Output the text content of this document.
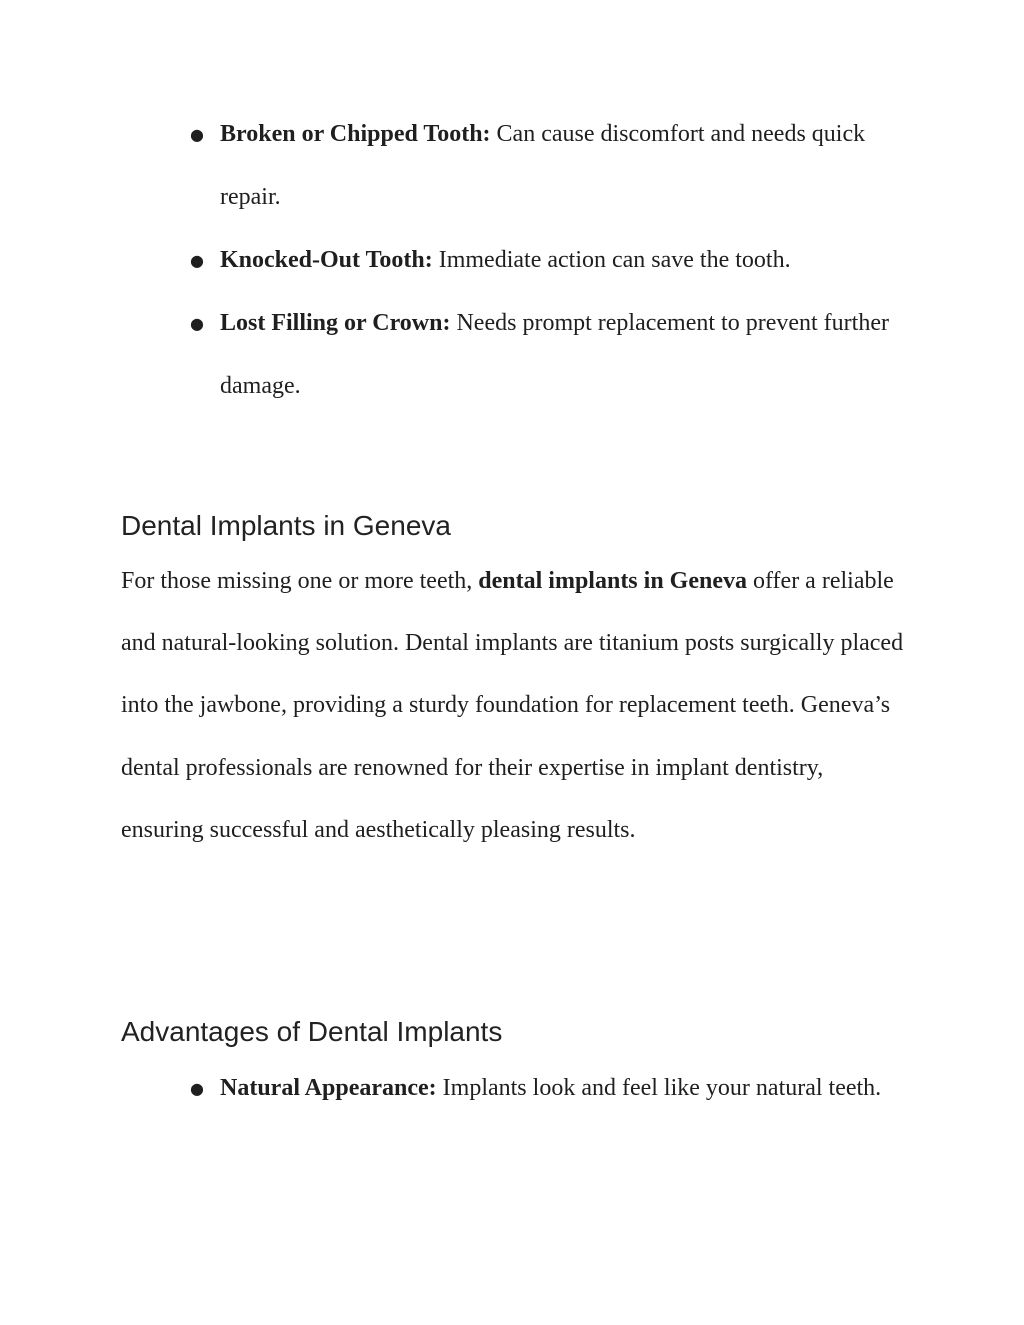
● Broken or Chipped Tooth: Can cause discomfort and needs quick repair.
● Knocked-Out Tooth: Immediate action can save the tooth.
● Lost Filling or Crown: Needs prompt replacement to prevent further damage.
Dental Implants in Geneva

For those missing one or more teeth, dental implants in Geneva offer a reliable and natural-looking solution. Dental implants are titanium posts surgically placed into the jawbone, providing a sturdy foundation for replacement teeth. Geneva’s dental professionals are renowned for their expertise in implant dentistry, ensuring successful and aesthetically pleasing results.

Advantages of Dental Implants
● Natural Appearance: Implants look and feel like your natural teeth.
